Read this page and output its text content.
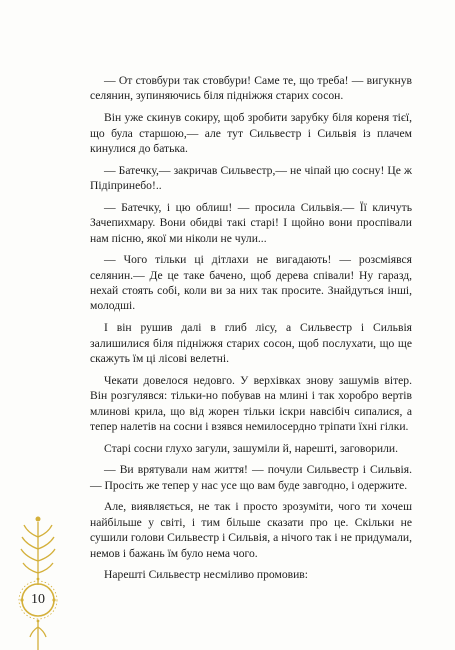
— От стовбури так стовбури! Саме те, що треба! — вигукнув селянин, зупиняючись біля підніжжя старих сосон.

Він уже скинув сокиру, щоб зробити зарубку біля кореня тієї, що була старшою,— але тут Сильвестр і Сильвія із плачем кинулися до батька.

— Батечку,— закричав Сильвестр,— не чіпай цю сосну! Це ж Підіпринебо!..

— Батечку, і цю облиш! — просила Сильвія.— Її кличуть Зачепихмару. Вони обидві такі старі! І щойно вони проспівали нам пісню, якої ми ніколи не чули...

— Чого тільки ці дітлахи не вигадають! — розсміявся селянин.— Де це таке бачено, щоб дерева співали! Ну гаразд, нехай стоять собі, коли ви за них так просите. Знайдуться інші, молодші.

І він рушив далі в глиб лісу, а Сильвестр і Сильвія залишилися біля підніжжя старих сосон, щоб послухати, що ще скажуть їм ці лісові велетні.

Чекати довелося недовго. У верхівках знову зашумів вітер. Він розгулявся: тільки-но побував на млині і так хоробро вертів млинові крила, що від жорен тільки іскри навсібіч сипалися, а тепер налетів на сосни і взявся немилосердно тріпати їхні гілки.

Старі сосни глухо загули, зашуміли й, нарешті, заговорили.

— Ви врятували нам життя! — почули Сильвестр і Сильвія.— Просіть же тепер у нас усе що вам буде завгодно, і одержите.

Але, виявляється, не так і просто зрозуміти, чого ти хочеш найбільше у світі, і тим більше сказати про це. Скільки не сушили голови Сильвестр і Сильвія, а нічого так і не придумали, немов і бажань їм було нема чого.

Нарешті Сильвестр несміливо промовив:

10
